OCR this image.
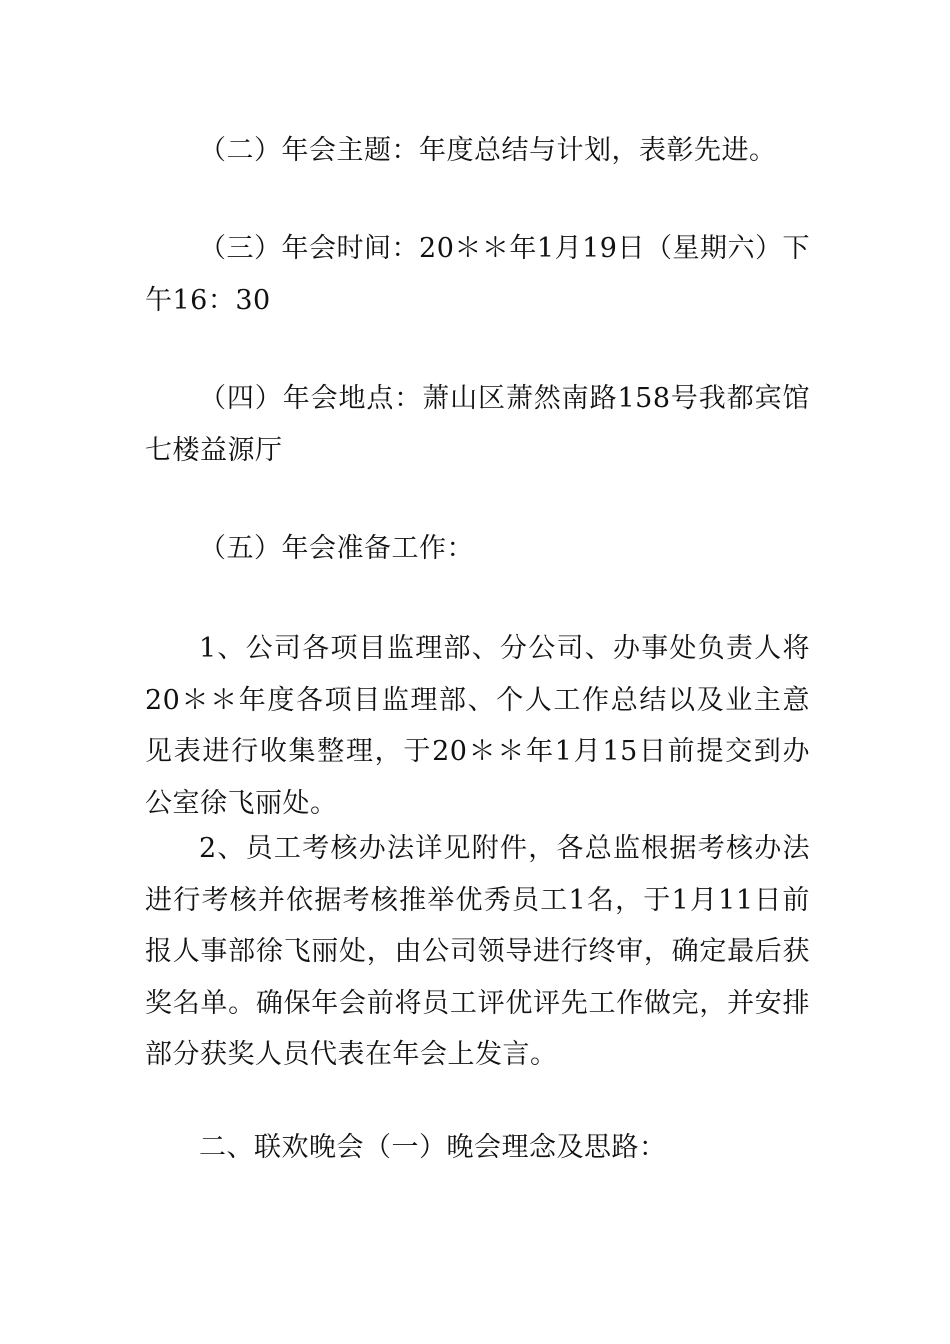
（二）年会主题：年度总结与计划，表彰先进。

（三）年会时间：20＊＊年1月19日（星期六）下午16：30

（四）年会地点：萧山区萧然南路158号我都宾馆七楼益源厅

（五）年会准备工作：

1、公司各项目监理部、分公司、办事处负责人将20＊＊年度各项目监理部、个人工作总结以及业主意见表进行收集整理，于20＊＊年1月15日前提交到办公室徐飞丽处。

2、员工考核办法详见附件，各总监根据考核办法进行考核并依据考核推举优秀员工1名，于1月11日前报人事部徐飞丽处，由公司领导进行终审，确定最后获奖名单。确保年会前将员工评优评先工作做完，并安排部分获奖人员代表在年会上发言。

二、联欢晚会（一）晚会理念及思路：
